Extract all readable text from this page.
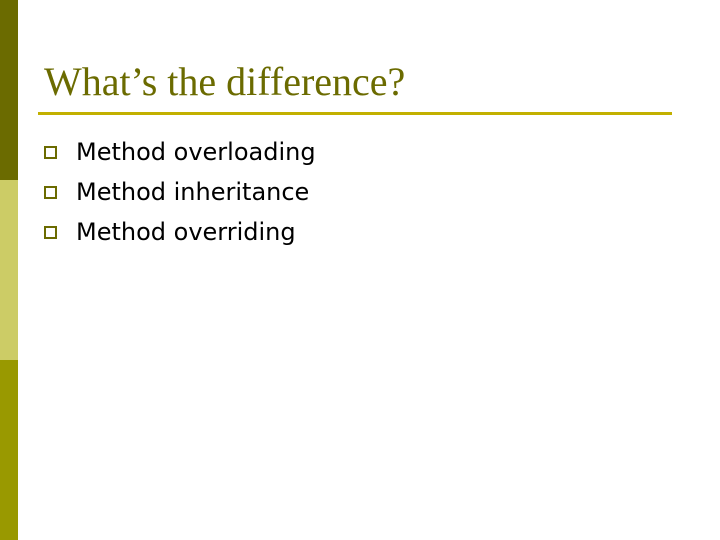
What’s the difference?
Method overloading
Method inheritance
Method overriding
